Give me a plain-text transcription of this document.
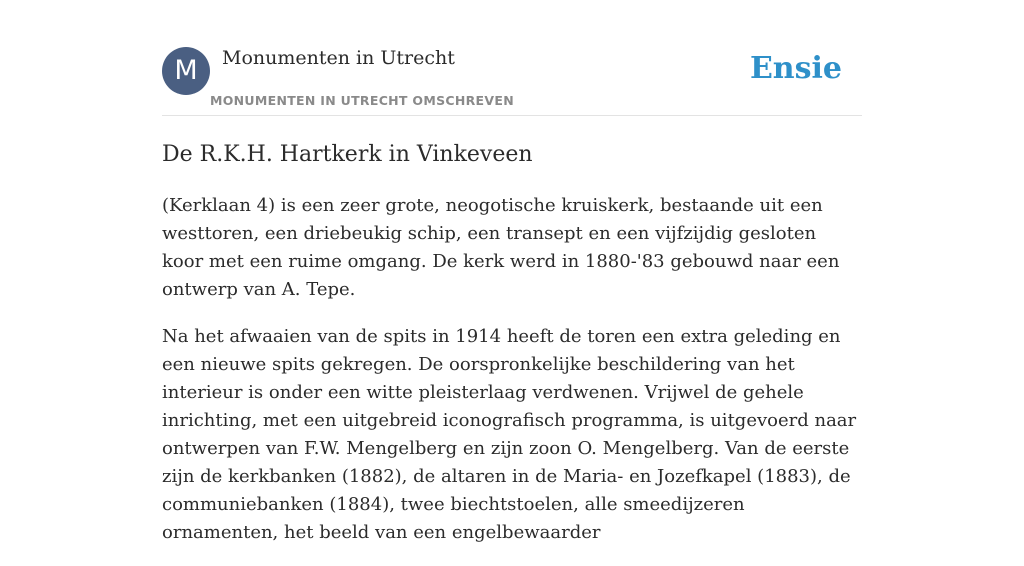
M	Monumenten in Utrecht
MONUMENTEN IN UTRECHT OMSCHREVEN
Ensie
De R.K.H. Hartkerk in Vinkeveen

(Kerklaan 4) is een zeer grote, neogotische kruiskerk, bestaande uit een westtoren, een driebeukig schip, een transept en een vijfzijdig gesloten koor met een ruime omgang. De kerk werd in 1880-'83 gebouwd naar een ontwerp van A. Tepe.

Na het afwaaien van de spits in 1914 heeft de toren een extra geleding en een nieuwe spits gekregen. De oorspronkelijke beschildering van het interieur is onder een witte pleisterlaag verdwenen. Vrijwel de gehele inrichting, met een uitgebreid iconografisch programma, is uitgevoerd naar ontwerpen van F.W. Mengelberg en zijn zoon O. Mengelberg. Van de eerste zijn de kerkbanken (1882), de altaren in de Maria- en Jozefkapel (1883), de communiebanken (1884), twee biechtstoelen, alle smeedijzeren ornamenten, het beeld van een engelbewaarder
